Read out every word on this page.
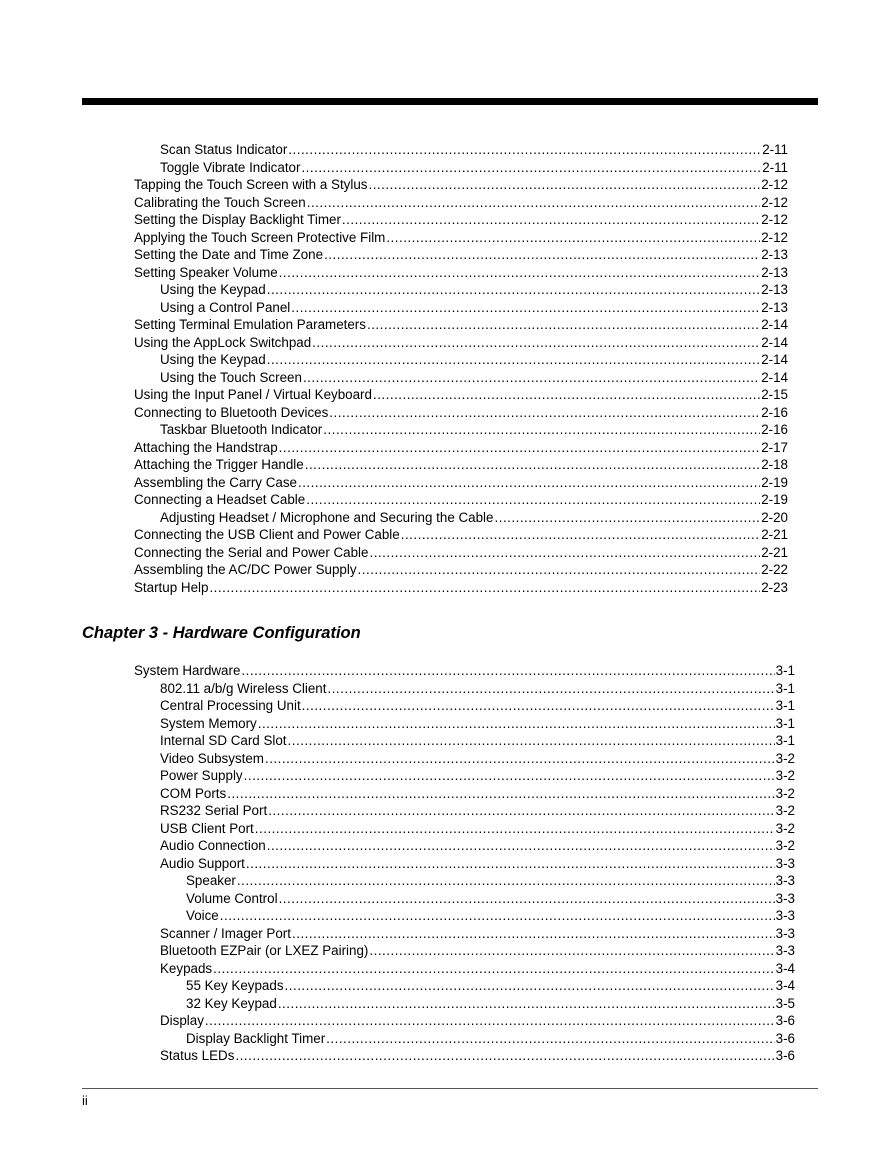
Scan Status Indicator .....	2-11
Toggle Vibrate Indicator .....	2-11
Tapping the Touch Screen with a Stylus .....	2-12
Calibrating the Touch Screen .....	2-12
Setting the Display Backlight Timer .....	2-12
Applying the Touch Screen Protective Film .....	2-12
Setting the Date and Time Zone .....	2-13
Setting Speaker Volume .....	2-13
Using the Keypad .....	2-13
Using a Control Panel .....	2-13
Setting Terminal Emulation Parameters .....	2-14
Using the AppLock Switchpad .....	2-14
Using the Keypad .....	2-14
Using the Touch Screen .....	2-14
Using the Input Panel / Virtual Keyboard .....	2-15
Connecting to Bluetooth Devices .....	2-16
Taskbar Bluetooth Indicator .....	2-16
Attaching the Handstrap .....	2-17
Attaching the Trigger Handle .....	2-18
Assembling the Carry Case .....	2-19
Connecting a Headset Cable .....	2-19
Adjusting Headset / Microphone and Securing the Cable .....	2-20
Connecting the USB Client and Power Cable .....	2-21
Connecting the Serial and Power Cable .....	2-21
Assembling the AC/DC Power Supply .....	2-22
Startup Help .....	2-23
Chapter 3 - Hardware Configuration
System Hardware .....	3-1
802.11 a/b/g Wireless Client .....	3-1
Central Processing Unit .....	3-1
System Memory .....	3-1
Internal SD Card Slot .....	3-1
Video Subsystem .....	3-2
Power Supply .....	3-2
COM Ports .....	3-2
RS232 Serial Port .....	3-2
USB Client Port .....	3-2
Audio Connection .....	3-2
Audio Support .....	3-3
Speaker .....	3-3
Volume Control .....	3-3
Voice .....	3-3
Scanner / Imager Port .....	3-3
Bluetooth EZPair (or LXEZ Pairing) .....	3-3
Keypads .....	3-4
55 Key Keypads .....	3-4
32 Key Keypad .....	3-5
Display .....	3-6
Display Backlight Timer .....	3-6
Status LEDs .....	3-6
ii
